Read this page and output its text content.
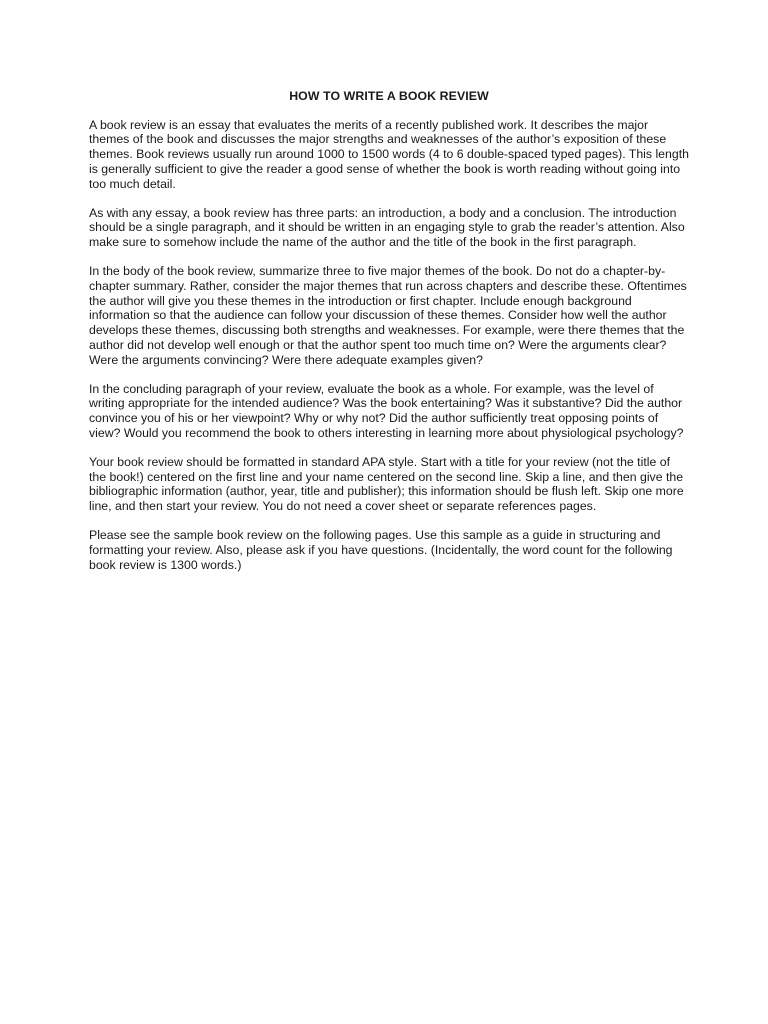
HOW TO WRITE A BOOK REVIEW

A book review is an essay that evaluates the merits of a recently published work. It describes the major themes of the book and discusses the major strengths and weaknesses of the author’s exposition of these themes. Book reviews usually run around 1000 to 1500 words (4 to 6 double-spaced typed pages). This length is generally sufficient to give the reader a good sense of whether the book is worth reading without going into too much detail.

As with any essay, a book review has three parts: an introduction, a body and a conclusion. The introduction should be a single paragraph, and it should be written in an engaging style to grab the reader’s attention. Also make sure to somehow include the name of the author and the title of the book in the first paragraph.

In the body of the book review, summarize three to five major themes of the book. Do not do a chapter-by-chapter summary. Rather, consider the major themes that run across chapters and describe these. Oftentimes the author will give you these themes in the introduction or first chapter. Include enough background information so that the audience can follow your discussion of these themes. Consider how well the author develops these themes, discussing both strengths and weaknesses. For example, were there themes that the author did not develop well enough or that the author spent too much time on? Were the arguments clear? Were the arguments convincing? Were there adequate examples given?

In the concluding paragraph of your review, evaluate the book as a whole. For example, was the level of writing appropriate for the intended audience? Was the book entertaining? Was it substantive? Did the author convince you of his or her viewpoint? Why or why not? Did the author sufficiently treat opposing points of view? Would you recommend the book to others interesting in learning more about physiological psychology?

Your book review should be formatted in standard APA style. Start with a title for your review (not the title of the book!) centered on the first line and your name centered on the second line. Skip a line, and then give the bibliographic information (author, year, title and publisher); this information should be flush left. Skip one more line, and then start your review. You do not need a cover sheet or separate references pages.

Please see the sample book review on the following pages. Use this sample as a guide in structuring and formatting your review. Also, please ask if you have questions. (Incidentally, the word count for the following book review is 1300 words.)
